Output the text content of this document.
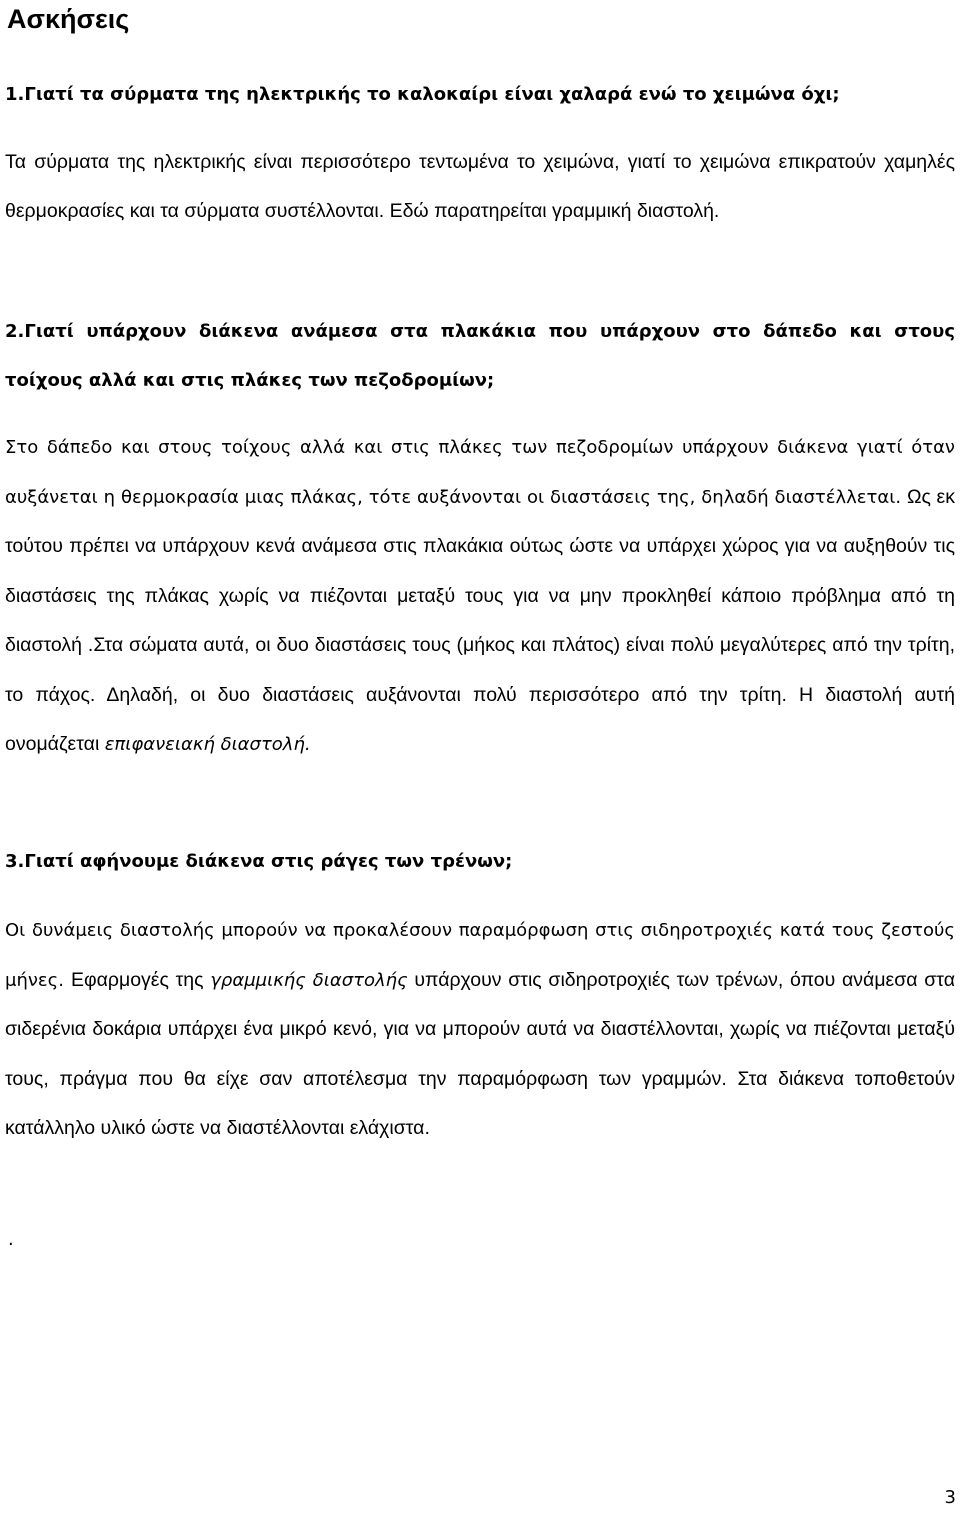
Ασκήσεις

1.Γιατί τα σύρματα της ηλεκτρικής το καλοκαίρι είναι χαλαρά ενώ το χειμώνα όχι;

Τα σύρματα της ηλεκτρικής είναι περισσότερο τεντωμένα το χειμώνα, γιατί το χειμώνα επικρατούν χαμηλές θερμοκρασίες και τα σύρματα συστέλλονται. Εδώ παρατηρείται γραμμική διαστολή.

2.Γιατί υπάρχουν διάκενα ανάμεσα στα πλακάκια που υπάρχουν στο δάπεδο και στους τοίχους αλλά και στις πλάκες των πεζοδρομίων;

Στο δάπεδο και στους τοίχους αλλά και στις πλάκες των πεζοδρομίων υπάρχουν διάκενα γιατί όταν αυξάνεται η θερμοκρασία μιας πλάκας, τότε αυξάνονται οι διαστάσεις της, δηλαδή διαστέλλεται. Ως εκ τούτου πρέπει να υπάρχουν κενά ανάμεσα στις πλακάκια ούτως ώστε να υπάρχει χώρος για να αυξηθούν τις διαστάσεις της πλάκας χωρίς να πιέζονται μεταξύ τους για να μην προκληθεί κάποιο πρόβλημα από τη διαστολή .Στα σώματα αυτά, οι δυο διαστάσεις τους (μήκος και πλάτος) είναι πολύ μεγαλύτερες από την τρίτη, το πάχος. Δηλαδή, οι δυο διαστάσεις αυξάνονται πολύ περισσότερο από την τρίτη. Η διαστολή αυτή ονομάζεται επιφανειακή διαστολή.

3.Γιατί αφήνουμε διάκενα στις ράγες των τρένων;

Οι δυνάμεις διαστολής μπορούν να προκαλέσουν παραμόρφωση στις σιδηροτροχιές κατά τους ζεστούς μήνες. Εφαρμογές της γραμμικής διαστολής υπάρχουν στις σιδηροτροχιές των τρένων, όπου ανάμεσα στα σιδερένια δοκάρια υπάρχει ένα μικρό κενό, για να μπορούν αυτά να διαστέλλονται, χωρίς να πιέζονται μεταξύ τους, πράγμα που θα είχε σαν αποτέλεσμα την παραμόρφωση των γραμμών. Στα διάκενα τοποθετούν κατάλληλο υλικό ώστε να διαστέλλονται ελάχιστα.

.
3
